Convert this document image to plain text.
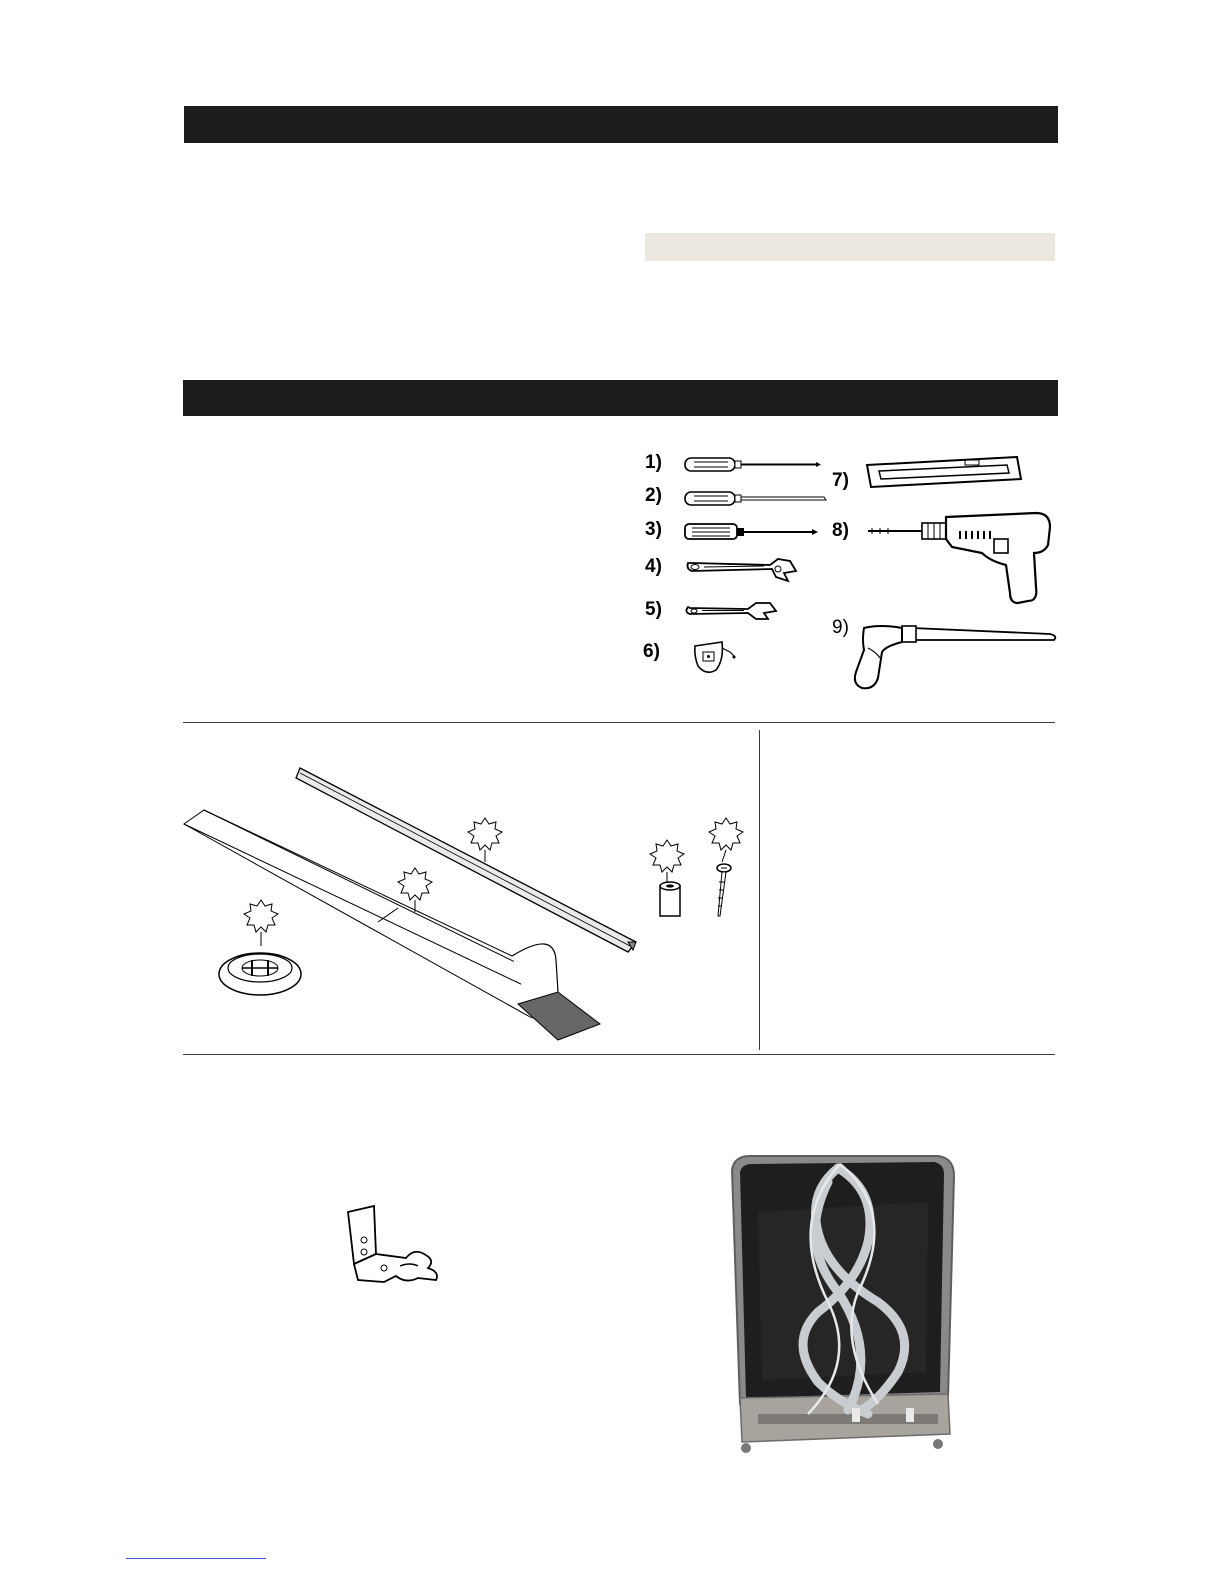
1)
2)
3)
4)
5)
6)
7)
8)
9)
